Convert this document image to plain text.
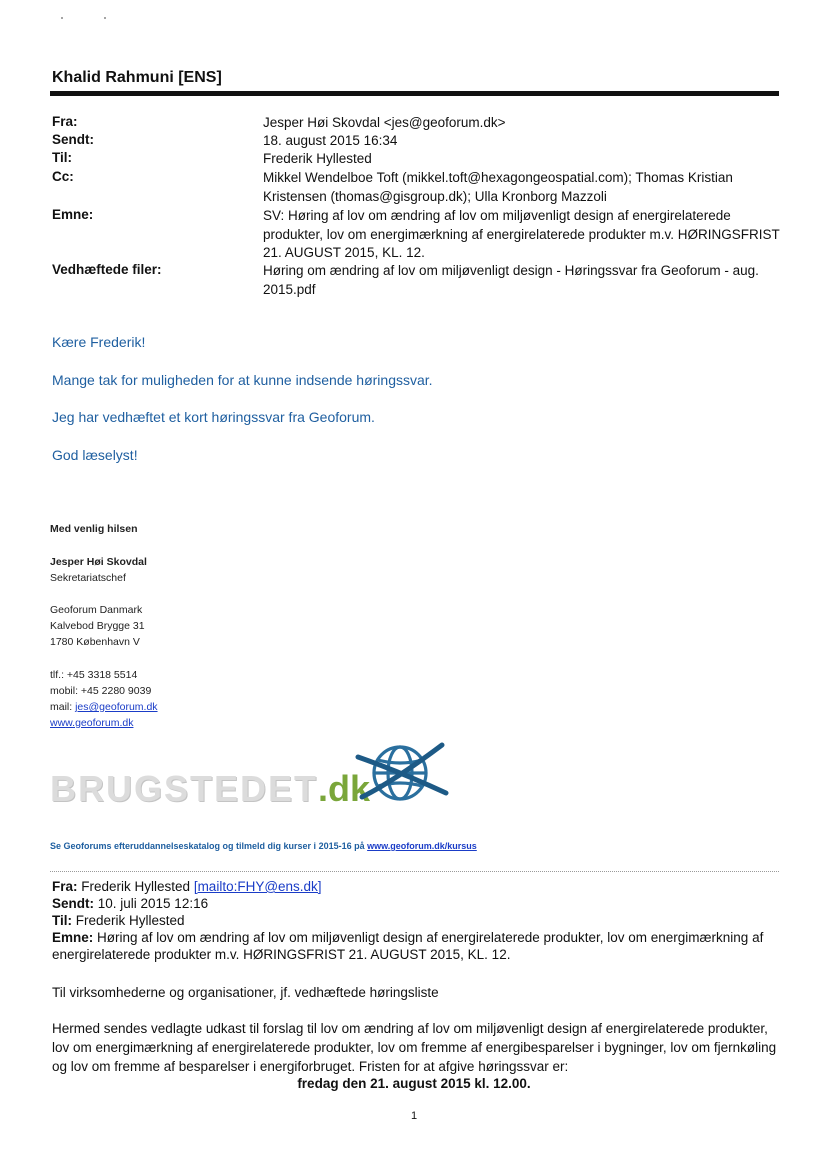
Khalid Rahmuni [ENS]
Fra:	Jesper Høi Skovdal <jes@geoforum.dk>
Sendt:	18. august 2015 16:34
Til:	Frederik Hyllested
Cc:	Mikkel Wendelboe Toft (mikkel.toft@hexagongeospatial.com); Thomas Kristian Kristensen (thomas@gisgroup.dk); Ulla Kronborg Mazzoli
Emne:	SV: Høring af lov om ændring af lov om miljøvenligt design af energirelaterede produkter, lov om energimærkning af energirelaterede produkter m.v. HØRINGSFRIST 21. AUGUST 2015, KL. 12.
Vedhæftede filer:	Høring om ændring af lov om miljøvenligt design - Høringssvar fra Geoforum - aug. 2015.pdf
Kære Frederik!
Mange tak for muligheden for at kunne indsende høringssvar.
Jeg har vedhæftet et kort høringssvar fra Geoforum.
God læselyst!
Med venlig hilsen
Jesper Høi Skovdal
Sekretariatschef
Geoforum Danmark
Kalvebod Brygge 31
1780 København V
tlf.: +45 3318 5514
mobil: +45 2280 9039
mail: jes@geoforum.dk
www.geoforum.dk
BRUGSTEDET.dk
Se Geoforums efteruddannelseskatalog og tilmeld dig kurser i 2015-16 på www.geoforum.dk/kursus
Fra: Frederik Hyllested [mailto:FHY@ens.dk]
Sendt: 10. juli 2015 12:16
Til: Frederik Hyllested
Emne: Høring af lov om ændring af lov om miljøvenligt design af energirelaterede produkter, lov om energimærkning af energirelaterede produkter m.v. HØRINGSFRIST 21. AUGUST 2015, KL. 12.
Til virksomhederne og organisationer, jf. vedhæftede høringsliste
Hermed sendes vedlagte udkast til forslag til lov om ændring af lov om miljøvenligt design af energirelaterede produkter, lov om energimærkning af energirelaterede produkter, lov om fremme af energibesparelser i bygninger, lov om fjernkøling og lov om fremme af besparelser i energiforbruget. Fristen for at afgive høringssvar er:
fredag den 21. august 2015 kl. 12.00.
1
